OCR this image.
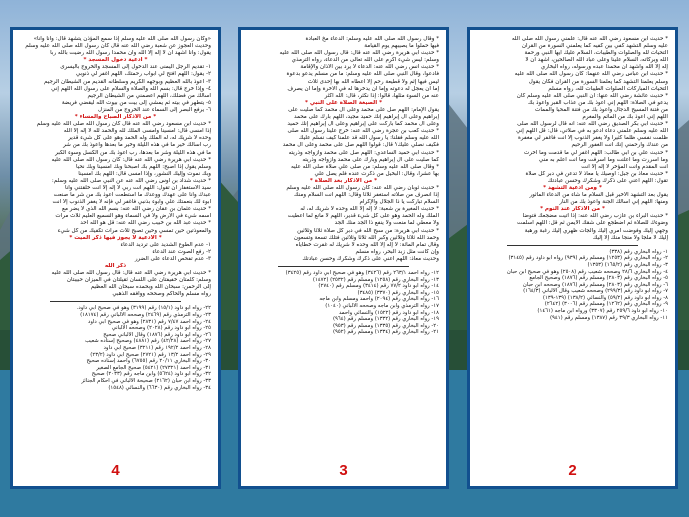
«وكان رسول الله صلى الله عليه وسلم إذا سمع المؤذن يتشهد قال: وأنا وأنا»
وحديث العجوز عن شعبة رضي الله عنه قال كان رسول الله صلى الله عليه وسلم
يقول: وأنا أشهد أن لا إله إلا الله وأن محمدا رسول الله رضيت بالله ربا
* أدعية دخول المسجد *
١- تقديم الرجل اليمنى عند الدخول إلى المسجد والخروج باليسرى
٢- يقول: اللهم افتح لي أبواب رحمتك، اللهم اغفر لي ذنوبي
٣- أعوذ بالله العظيم وبوجهه الكريم وسلطانه القديم من الشيطان الرجيم
٤- وإذا خرج قال: بسم الله والصلاة والسلام على رسول الله اللهم إني
أسألك من فضلك، اللهم اعصمني من الشيطان الرجيم
٥- يتطهر في بيته ثم يمشي إلى بيت من بيوت الله ليقضي فريضة
٦- يرفع البصر إلى السماء عند الخروج من المنزل
* من الأذكار الصباح والمساء *
* حديث ابن مسعود رضي الله عنه قال كان رسول الله صلى الله عليه وسلم
إذا أمسى قال: أمسينا وأمسى الملك لله والحمد لله لا إله إلا الله
وحده لا شريك له، له الملك وله الحمد وهو على كل شيء قدير
رب أسألك خير ما في هذه الليلة وخير ما بعدها وأعوذ بك من شر
ما في هذه الليلة وشر ما بعدها، رب أعوذ بك من الكسل وسوء الكبر
* حديث أبي هريرة رضي الله عنه قال: كان رسول الله صلى الله عليه
وسلم يقول إذا أصبح: اللهم بك أصبحنا وبك أمسينا وبك نحيا
وبك نموت وإليك النشور، وإذا أمسى قال: اللهم بك أمسينا
* حديث شداد بن أوس رضي الله عنه عن النبي صلى الله عليه وسلم:
سيد الاستغفار أن تقول: اللهم أنت ربي لا إله إلا أنت خلقتني وأنا
عبدك وأنا على عهدك ووعدك ما استطعت أعوذ بك من شر ما صنعت
أبوء لك بنعمتك علي وأبوء بذنبي فاغفر لي فإنه لا يغفر الذنوب إلا أنت
* حديث عثمان بن عفان رضي الله عنه: بسم الله الذي لا يضر مع
اسمه شيء في الأرض ولا في السماء وهو السميع العليم ثلاث مرات
* حديث عبد الله بن خبيب رضي الله عنه: قل هو الله أحد
والمعوذتين حين تمسي وحين تصبح ثلاث مرات تكفيك من كل شيء
* الأدعية لا يجوز فيها ذكر الميت *
١- عدم الطوع الشديد على ترديد الدعاء
٢- رفع الصوت عند الدعاء
٣- عدم تفحص الدعاء على الضرر
ذكر الله
* حديث أبي هريرة رضي الله عنه قال: قال رسول الله صلى الله عليه
وسلم: كلمتان خفيفتان على اللسان ثقيلتان في الميزان حبيبتان
إلى الرحمن: سبحان الله وبحمده سبحان الله العظيم
رواه مسلم والحاكم وصححه ووافقه الذهبي
٢٢- رواه أبو داود (١٥/١) رقم (٣١٩٩) وهو في صحيح أبي داود.
٢٣- رواه الترمذي رقم (٢٤٦٩) وصححه الألباني رقم (١٨١٧٤)
٢٤- رواه أحمد ٧/٤٧ رقم (٢٨٣١) وهو في صحيح أبي داود
٢٥- رواه أبو داود رقم (٢٠٢٨) وصححه الألباني
٢٦- رواه أبو داود رقم (١٨٧٦) وقال الألباني صحيح
٢٧- رواه أحمد (٤٢/٢٨) رقم (٤٨٨١) وصحيح إسناده شعيب
٢٨- رواه أحمد ١٩٢/٢ رقم (٣٢١١) صحيح أبي داود
٢٩- رواه أحمد ١٣/٢ رقم (٢٧٢١) صحيح أبي داود (٢٣/٢)
٣٠- رواه البخاري ٢٠/١١ رقم (٦٧٥٥) وأحمد إسناده صحيح
٣١- رواه أحمد (٢٧٣٢١) (٥٤٢١) صحيح الجامع الصغير
٣٢- رواه أبو داود (٥٦٢٤) وابن ماجه رقم (٢٠٣٣) صحيح
٣٣- رواه ابن حبان (٢١٦٢) صحيحة الألباني في أحكام الجنائز
٣٤- رواه البخاري رقم (٦٦٣٠) والنسائي (١٥٤٨)
4
* وقال رسول الله صلى الله عليه وسلم: الدعاء مخ العبادة
فيها حملوا ما يصيبهم يوم القيامة
* حديث أبي هريرة رضي الله عنه قال: قال رسول الله صلى الله عليه
وسلم: ليس شيء أكرم على الله تعالى من الدعاء، رواه الترمذي
* حديث أنس رضي الله عنه: الدعاء لا يرد بين الأذان والإقامة
فادعوا، وقال النبي صلى الله عليه وسلم: ما من مسلم يدعو بدعوة
ليس فيها إثم ولا قطيعة رحم إلا أعطاه الله بها إحدى ثلاث
إما أن يعجل له دعوته وإما أن يدخرها له في الآخرة وإما أن يصرف
عنه من السوء مثلها، قالوا: إذا نكثر، قال: الله أكثر
* الصيغة الصلاة على النبي *
يقول الإمام: اللهم صل على محمد وعلى آل محمد كما صليت على
إبراهيم وعلى آل إبراهيم إنك حميد مجيد، اللهم بارك على محمد
وعلى آل محمد كما باركت على إبراهيم وعلى آل إبراهيم إنك حميد
* حديث كعب بن عجرة رضي الله عنه: خرج علينا رسول الله صلى
الله عليه وسلم فقلنا: يا رسول الله قد علمنا كيف نسلم عليك
فكيف نصلي عليك؟ قال: قولوا اللهم صل على محمد وعلى آل محمد
* حديث أبي حميد الساعدي: اللهم صل على محمد وأزواجه وذريته
كما صليت على آل إبراهيم وبارك على محمد وأزواجه وذريته
* وقال صلى الله عليه وسلم: من صلى علي صلاة صلى الله عليه
بها عشرا، وقال: البخيل من ذكرت عنده فلم يصل علي
* من الأذكار بعد الصلاة *
* حديث ثوبان رضي الله عنه: كان رسول الله صلى الله عليه وسلم
إذا انصرف من صلاته استغفر ثلاثا وقال: اللهم أنت السلام ومنك
السلام تباركت يا ذا الجلال والإكرام
* حديث المغيرة بن شعبة: لا إله إلا الله وحده لا شريك له، له
الملك وله الحمد وهو على كل شيء قدير، اللهم لا مانع لما أعطيت
ولا معطي لما منعت ولا ينفع ذا الجد منك الجد
* حديث أبي هريرة: من سبح الله في دبر كل صلاة ثلاثا وثلاثين
وحمد الله ثلاثا وثلاثين وكبر الله ثلاثا وثلاثين فتلك تسعة وتسعون
وقال تمام المائة: لا إله إلا الله وحده لا شريك له غفرت خطاياه
وإن كانت مثل زبد البحر، رواه مسلم
وحديث معاذ: اللهم أعني على ذكرك وشكرك وحسن عبادتك
١٢- رواه أحمد ٢٦٣/١ رقم (٣٤٢٦) وهو في صحيح أبي داود رقم (٣٤٢٥)
١٣- رواه البخاري رقم (١٢٥٨) ومسلم رقم (٢٥٣٢) (١٤٧٢)
١٤- رواه أبو داود ٧٧/٢ رقم (٣٤١٤) ومسلم رقم (٢٧٤٠)
١٥- رواه البخاري رقم (٣٣٧٠) (٣٤٨٥)
١٦- رواه البخاري رقم (٢٠٩٤) وأحمد ومسلم وابن ماجه
١٧- رواه الترمذي وابن ماجه وصححه الألباني (١٠٤٠)
١٨- رواه أبو داود رقم (١٥٢٢) والنسائي وأحمد
١٩- رواه البخاري رقم (١٣٣٢) ومسلم رقم (٩٦٤)
٢٠- رواه البخاري رقم (١٣٣٥) ومسلم رقم (٩٥٣)
٢١- رواه البخاري رقم (١٣٣٤) ومسلم رقم (٩٥٢)
3
* حديث ابن مسعود رضي الله عنه قال: علمني رسول الله صلى الله
عليه وسلم التشهد كفي بين كفيه كما يعلمني السورة من القرآن
التحيات لله والصلوات والطيبات، السلام عليك أيها النبي ورحمة
الله وبركاته، السلام علينا وعلى عباد الله الصالحين، أشهد أن لا
إله إلا الله وأشهد أن محمدا عبده ورسوله، رواه البخاري
* حديث ابن عباس رضي الله عنهما: كان رسول الله صلى الله عليه
وسلم يعلمنا التشهد كما يعلمنا السورة من القرآن فكان يقول
التحيات المباركات الصلوات الطيبات لله، رواه مسلم
* حديث عائشة رضي الله عنها: أن النبي صلى الله عليه وسلم كان
يدعو في الصلاة: اللهم إني أعوذ بك من عذاب القبر وأعوذ بك
من فتنة المسيح الدجال وأعوذ بك من فتنة المحيا والممات
اللهم إني أعوذ بك من المأثم والمغرم
* حديث أبي بكر الصديق رضي الله عنه: أنه قال لرسول الله صلى
الله عليه وسلم علمني دعاء أدعو به في صلاتي، قال: قل اللهم إني
ظلمت نفسي ظلما كثيرا ولا يغفر الذنوب إلا أنت فاغفر لي مغفرة
من عندك وارحمني إنك أنت الغفور الرحيم
* حديث علي بن أبي طالب: اللهم اغفر لي ما قدمت وما أخرت
وما أسررت وما أعلنت وما أسرفت وما أنت أعلم به مني
أنت المقدم وأنت المؤخر لا إله إلا أنت
* حديث معاذ بن جبل: أوصيك يا معاذ لا تدعن في دبر كل صلاة
تقول: اللهم أعني على ذكرك وشكرك وحسن عبادتك
* ومن أدعية التشهد *
يقول بعد التشهد الأخير قبل السلام ما شاء من الدعاء المأثور
ومنها: اللهم إني أسألك الجنة وأعوذ بك من النار
* من الأذكار عند النوم *
* حديث البراء بن عازب رضي الله عنه: إذا أتيت مضجعك فتوضأ
وضوءك للصلاة ثم اضطجع على شقك الأيمن ثم قل: اللهم أسلمت
وجهي إليك وفوضت أمري إليك وألجأت ظهري إليك رغبة ورهبة
إليك لا ملجأ ولا منجا منك إلا إليك
١- رواه البخاري رقم (٣٣٨)
٢- رواه البخاري رقم (١٢٥٣) ومسلم رقم (٩٣٩) رواه أبو داود رقم (٣١٤٥)
٣- رواه البخاري رقم (١٦٥/٢) (١٣٥٣)
٤- رواه البخاري ٢٨/٦ وصححه شعيب رقم (٢٥٠٨) وهو في صحيح ابن حبان
٥- رواه البخاري رقم (٢٨٠٣) ومسلم رقم (١٨٧٦) وصحيح الجامع
٦- رواه البخاري رقم (٢٨٠٣) ومسلم رقم (١٨٧٦) وصححه ابن حبان
٧- رواه أبو داود رقم (٢٩٩/٣) وصححه شعيب وقال الألباني (١٦٤/٣)
٨- رواه أبو داود رقم (٥٩/٢) والنسائي (١٣٨/٢) (١٣٩-١٣٩)
٩- رواه البخاري رقم (١٢٦٢) ومسلم رقم (٣٠٠٦) (٢٦٤٢)
١٠- رواه أبو داود ٢٥٩/٦ رقم (٣٣٠٧) ورواه ابن ماجه (١٤٦١)
١١- رواه البخاري ٣٩/٣ رقم (١٣٨٧) ومسلم رقم (٩٤١)
2
